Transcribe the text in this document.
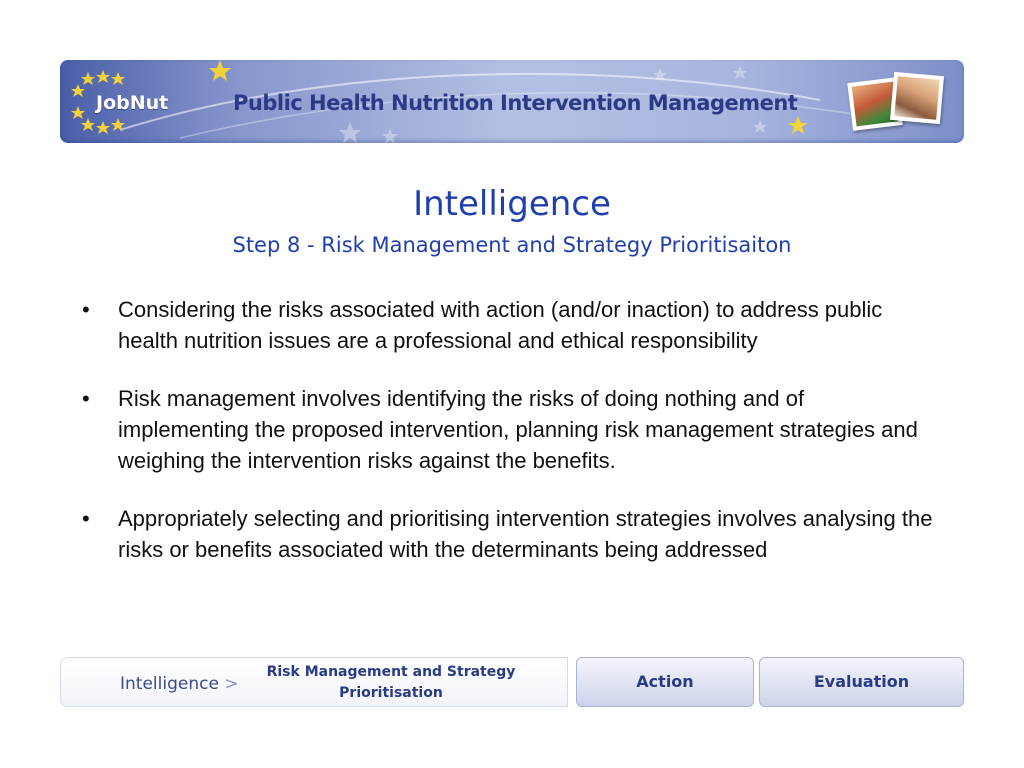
JobNut	Public Health Nutrition Intervention Management
Intelligence
Step 8 - Risk Management and Strategy Prioritisaiton
• Considering the risks associated with action (and/or inaction) to address public health nutrition issues are a professional and ethical responsibility
• Risk management involves identifying the risks of doing nothing and of implementing the proposed intervention, planning risk management strategies and weighing the intervention risks against the benefits.
• Appropriately selecting and prioritising intervention strategies involves analysing the risks or benefits associated with the determinants being addressed
Intelligence >
Risk Management and Strategy
Prioritisation
Action	Evaluation
